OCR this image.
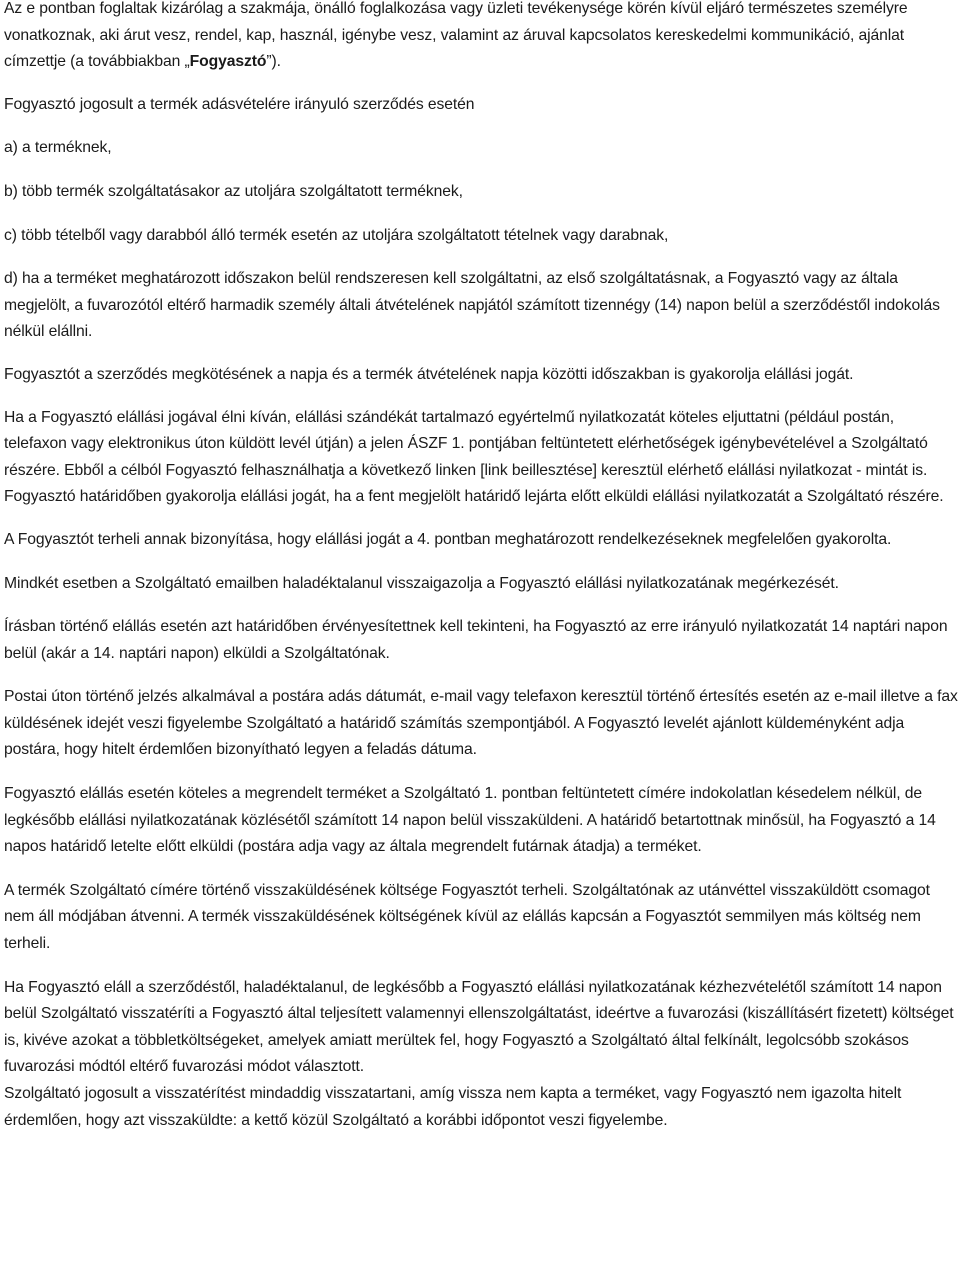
Az e pontban foglaltak kizárólag a szakmája, önálló foglalkozása vagy üzleti tevékenysége körén kívül eljáró természetes személyre vonatkoznak, aki árut vesz, rendel, kap, használ, igénybe vesz, valamint az áruval kapcsolatos kereskedelmi kommunikáció, ajánlat címzettje (a továbbiakban „Fogyasztó”).

Fogyasztó jogosult a termék adásvételére irányuló szerződés esetén

a) a terméknek,

b) több termék szolgáltatásakor az utoljára szolgáltatott terméknek,

c) több tételből vagy darabból álló termék esetén az utoljára szolgáltatott tételnek vagy darabnak,

d) ha a terméket meghatározott időszakon belül rendszeresen kell szolgáltatni, az első szolgáltatásnak, a Fogyasztó vagy az általa megjelölt, a fuvarozótól eltérő harmadik személy általi átvételének napjától számított tizennégy (14) napon belül a szerződéstől indokolás nélkül elállni.

Fogyasztót a szerződés megkötésének a napja és a termék átvételének napja közötti időszakban is gyakorolja elállási jogát.

Ha a Fogyasztó elállási jogával élni kíván, elállási szándékát tartalmazó egyértelmű nyilatkozatát köteles eljuttatni (például postán, telefaxon vagy elektronikus úton küldött levél útján) a jelen ÁSZF 1. pontjában feltüntetett elérhetőségek igénybevételével a Szolgáltató részére. Ebből a célból Fogyasztó felhasználhatja a következő linken [link beillesztése] keresztül elérhető elállási nyilatkozat - mintát is. Fogyasztó határidőben gyakorolja elállási jogát, ha a fent megjelölt határidő lejárta előtt elküldi elállási nyilatkozatát a Szolgáltató részére.

A Fogyasztót terheli annak bizonyítása, hogy elállási jogát a 4. pontban meghatározott rendelkezéseknek megfelelően gyakorolta.

Mindkét esetben a Szolgáltató emailben haladéktalanul visszaigazolja a Fogyasztó elállási nyilatkozatának megérkezését.

Írásban történő elállás esetén azt határidőben érvényesítettnek kell tekinteni, ha Fogyasztó az erre irányuló nyilatkozatát 14 naptári napon belül (akár a 14. naptári napon) elküldi a Szolgáltatónak.

Postai úton történő jelzés alkalmával a postára adás dátumát, e-mail vagy telefaxon keresztül történő értesítés esetén az e-mail illetve a fax küldésének idejét veszi figyelembe Szolgáltató a határidő számítás szempontjából. A Fogyasztó levelét ajánlott küldeményként adja postára, hogy hitelt érdemlően bizonyítható legyen a feladás dátuma.

Fogyasztó elállás esetén köteles a megrendelt terméket a Szolgáltató 1. pontban feltüntetett címére indokolatlan késedelem nélkül, de legkésőbb elállási nyilatkozatának közlésétől számított 14 napon belül visszaküldeni. A határidő betartottnak minősül, ha Fogyasztó a 14 napos határidő letelte előtt elküldi (postára adja vagy az általa megrendelt futárnak átadja) a terméket.

A termék Szolgáltató címére történő visszaküldésének költsége Fogyasztót terheli. Szolgáltatónak az utánvéttel visszaküldött csomagot nem áll módjában átvenni. A termék visszaküldésének költségének kívül az elállás kapcsán a Fogyasztót semmilyen más költség nem terheli.

Ha Fogyasztó eláll a szerződéstől, haladéktalanul, de legkésőbb a Fogyasztó elállási nyilatkozatának kézhezvételétől számított 14 napon belül Szolgáltató visszatéríti a Fogyasztó által teljesített valamennyi ellenszolgáltatást, ideértve a fuvarozási (kiszállításért fizetett) költséget is, kivéve azokat a többletköltségeket, amelyek amiatt merültek fel, hogy Fogyasztó a Szolgáltató által felkínált, legolcsóbb szokásos fuvarozási módtól eltérő fuvarozási módot választott.

Szolgáltató jogosult a visszatérítést mindaddig visszatartani, amíg vissza nem kapta a terméket, vagy Fogyasztó nem igazolta hitelt érdemlően, hogy azt visszaküldte: a kettő közül Szolgáltató a korábbi időpontot veszi figyelembe.
